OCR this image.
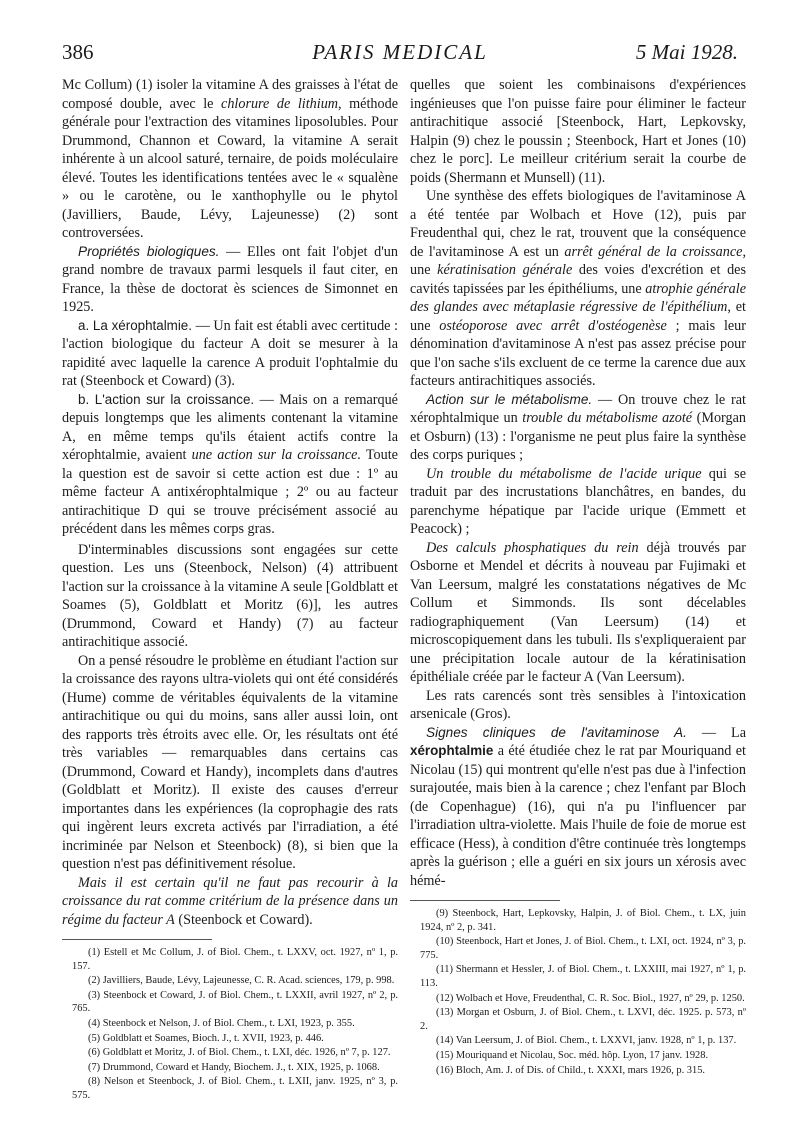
386	PARIS MEDICAL	5 Mai 1928.

Mc Collum) (1) isoler la vitamine A des graisses à l'état de composé double, avec le chlorure de lithium, méthode générale pour l'extraction des vitamines liposolubles. Pour Drummond, Channon et Coward, la vitamine A serait inhérente à un alcool saturé, ternaire, de poids moléculaire élevé. Toutes les identifications tentées avec le « squalène » ou le carotène, ou le xanthophylle ou le phytol (Javilliers, Baude, Lévy, Lajeunesse) (2) sont controversées.

Propriétés biologiques. — Elles ont fait l'objet d'un grand nombre de travaux parmi lesquels il faut citer, en France, la thèse de doctorat ès sciences de Simonnet en 1925.

a. La xérophtalmie. — Un fait est établi avec certitude : l'action biologique du facteur A doit se mesurer à la rapidité avec laquelle la carence A produit l'ophtalmie du rat (Steenbock et Coward) (3).

b. L'action sur la croissance. — Mais on a remarqué depuis longtemps que les aliments contenant la vitamine A, en même temps qu'ils étaient actifs contre la xérophtalmie, avaient une action sur la croissance. Toute la question est de savoir si cette action est due : 1º au même facteur A antixérophtalmique ; 2º ou au facteur antirachitique D qui se trouve précisément associé au précédent dans les mêmes corps gras.

D'interminables discussions sont engagées sur cette question. Les uns (Steenbock, Nelson) (4) attribuent l'action sur la croissance à la vitamine A seule [Goldblatt et Soames (5), Goldblatt et Moritz (6)], les autres (Drummond, Coward et Handy) (7) au facteur antirachitique associé.

On a pensé résoudre le problème en étudiant l'action sur la croissance des rayons ultra-violets qui ont été considérés (Hume) comme de véritables équivalents de la vitamine antirachitique ou qui du moins, sans aller aussi loin, ont des rapports très étroits avec elle. Or, les résultats ont été très variables — remarquables dans certains cas (Drummond, Coward et Handy), incomplets dans d'autres (Goldblatt et Moritz). Il existe des causes d'erreur importantes dans les expériences (la coprophagie des rats qui ingèrent leurs excreta activés par l'irradiation, a été incriminée par Nelson et Steenbock) (8), si bien que la question n'est pas définitivement résolue.

Mais il est certain qu'il ne faut pas recourir à la croissance du rat comme critérium de la présence dans un régime du facteur A (Steenbock et Coward).

(1) Estell et Mc Collum, J. of Biol. Chem., t. LXXV, oct. 1927, nº 1, p. 157.

(2) Javilliers, Baude, Lévy, Lajeunesse, C. R. Acad. sciences, 179, p. 998.

(3) Steenbock et Coward, J. of Biol. Chem., t. LXXII, avril 1927, nº 2, p. 765.

(4) Steenbock et Nelson, J. of Biol. Chem., t. LXI, 1923, p. 355.

(5) Goldblatt et Soames, Bioch. J., t. XVII, 1923, p. 446.

(6) Goldblatt et Moritz, J. of Biol. Chem., t. LXI, déc. 1926, nº 7, p. 127.

(7) Drummond, Coward et Handy, Biochem. J., t. XIX, 1925, p. 1068.

(8) Nelson et Steenbock, J. of Biol. Chem., t. LXII, janv. 1925, nº 3, p. 575.

quelles que soient les combinaisons d'expériences ingénieuses que l'on puisse faire pour éliminer le facteur antirachitique associé [Steenbock, Hart, Lepkovsky, Halpin (9) chez le poussin ; Steenbock, Hart et Jones (10) chez le porc]. Le meilleur critérium serait la courbe de poids (Shermann et Munsell) (11).

Une synthèse des effets biologiques de l'avitaminose A a été tentée par Wolbach et Hove (12), puis par Freudenthal qui, chez le rat, trouvent que la conséquence de l'avitaminose A est un arrêt général de la croissance, une kératinisation générale des voies d'excrétion et des cavités tapissées par les épithéliums, une atrophie générale des glandes avec métaplasie régressive de l'épithélium, et une ostéoporose avec arrêt d'ostéogenèse ; mais leur dénomination d'avitaminose A n'est pas assez précise pour que l'on sache s'ils excluent de ce terme la carence due aux facteurs antirachitiques associés.

Action sur le métabolisme. — On trouve chez le rat xérophtalmique un trouble du métabolisme azoté (Morgan et Osburn) (13) : l'organisme ne peut plus faire la synthèse des corps puriques ;

Un trouble du métabolisme de l'acide urique qui se traduit par des incrustations blanchâtres, en bandes, du parenchyme hépatique par l'acide urique (Emmett et Peacock) ;

Des calculs phosphatiques du rein déjà trouvés par Osborne et Mendel et décrits à nouveau par Fujimaki et Van Leersum, malgré les constatations négatives de Mc Collum et Simmonds. Ils sont décelables radiographiquement (Van Leersum) (14) et microscopiquement dans les tubuli. Ils s'expliqueraient par une précipitation locale autour de la kératinisation épithéliale créée par le facteur A (Van Leersum).

Les rats carencés sont très sensibles à l'intoxication arsenicale (Gros).

Signes cliniques de l'avitaminose A. — La xérophtalmie a été étudiée chez le rat par Mouriquand et Nicolau (15) qui montrent qu'elle n'est pas due à l'infection surajoutée, mais bien à la carence ; chez l'enfant par Bloch (de Copenhague) (16), qui n'a pu l'influencer par l'irradiation ultra-violette. Mais l'huile de foie de morue est efficace (Hess), à condition d'être continuée très longtemps après la guérison ; elle a guéri en six jours un xérosis avec hémé-

(9) Steenbock, Hart, Lepkovsky, Halpin, J. of Biol. Chem., t. LX, juin 1924, nº 2, p. 341.

(10) Steenbock, Hart et Jones, J. of Biol. Chem., t. LXI, oct. 1924, nº 3, p. 775.

(11) Shermann et Hessler, J. of Biol. Chem., t. LXXIII, mai 1927, nº 1, p. 113.

(12) Wolbach et Hove, Freudenthal, C. R. Soc. Biol., 1927, nº 29, p. 1250.

(13) Morgan et Osburn, J. of Biol. Chem., t. LXVI, déc. 1925. p. 573, nº 2.

(14) Van Leersum, J. of Biol. Chem., t. LXXVI, janv. 1928, nº 1, p. 137.

(15) Mouriquand et Nicolau, Soc. méd. hôp. Lyon, 17 janv. 1928.

(16) Bloch, Am. J. of Dis. of Child., t. XXXI, mars 1926, p. 315.
